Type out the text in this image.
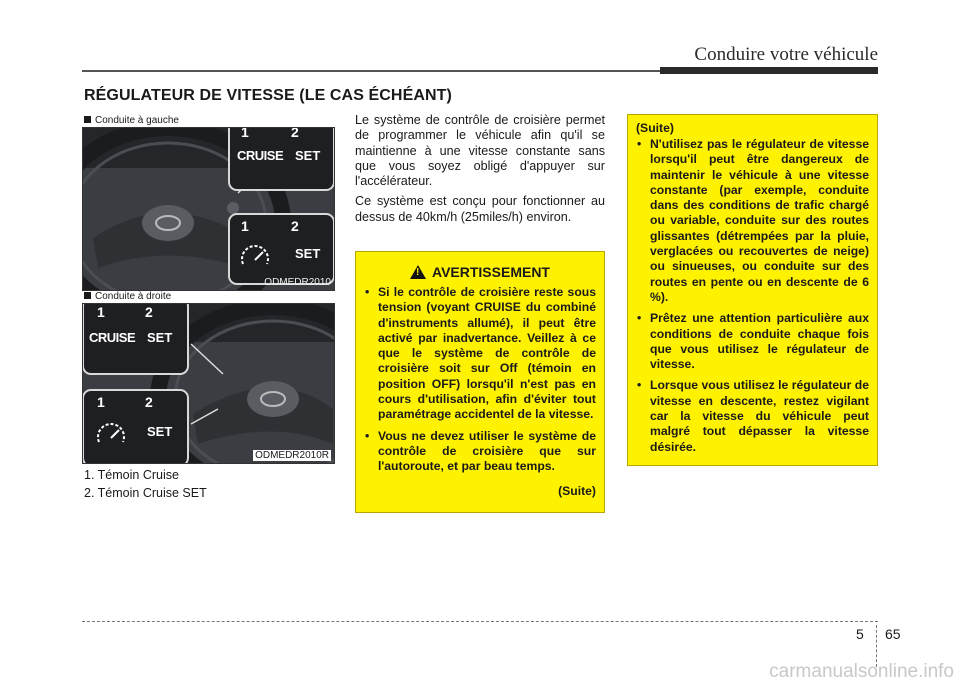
Conduire votre véhicule
RÉGULATEUR DE VITESSE (LE CAS ÉCHÉANT)
Conduite à gauche
1	2
CRUISE SET
1	2
SET
ODMEDR2010
Conduite à droite
1	2
CRUISE SET
1	2
SET
ODMEDR2010R
1. Témoin Cruise
2. Témoin Cruise SET

Le système de contrôle de croisière permet de programmer le véhicule afin qu'il se maintienne à une vitesse constante sans que vous soyez obligé d'appuyer sur l'accélérateur.

Ce système est conçu pour fonctionner au dessus de 40km/h (25miles/h) environ.

!AVERTISSEMENT
• Si le contrôle de croisière reste sous tension (voyant CRUISE du combiné d'instruments allumé), il peut être activé par inadvertance. Veillez à ce que le système de contrôle de croisière soit sur Off (témoin en position OFF) lorsqu'il n'est pas en cours d'utilisation, afin d'éviter tout paramétrage accidentel de la vitesse.
• Vous ne devez utiliser le système de contrôle de croisière que sur l'autoroute, et par beau temps.
(Suite)
(Suite)
• N'utilisez pas le régulateur de vitesse lorsqu'il peut être dangereux de maintenir le véhicule à une vitesse constante (par exemple, conduite dans des conditions de trafic chargé ou variable, conduite sur des routes glissantes (détrempées par la pluie, verglacées ou recouvertes de neige) ou sinueuses, ou conduite sur des routes en pente ou en descente de 6 %).
• Prêtez une attention particulière aux conditions de conduite chaque fois que vous utilisez le régulateur de vitesse.
• Lorsque vous utilisez le régulateur de vitesse en descente, restez vigilant car la vitesse du véhicule peut malgré tout dépasser la vitesse désirée.
5 65
carmanualsonline.info
